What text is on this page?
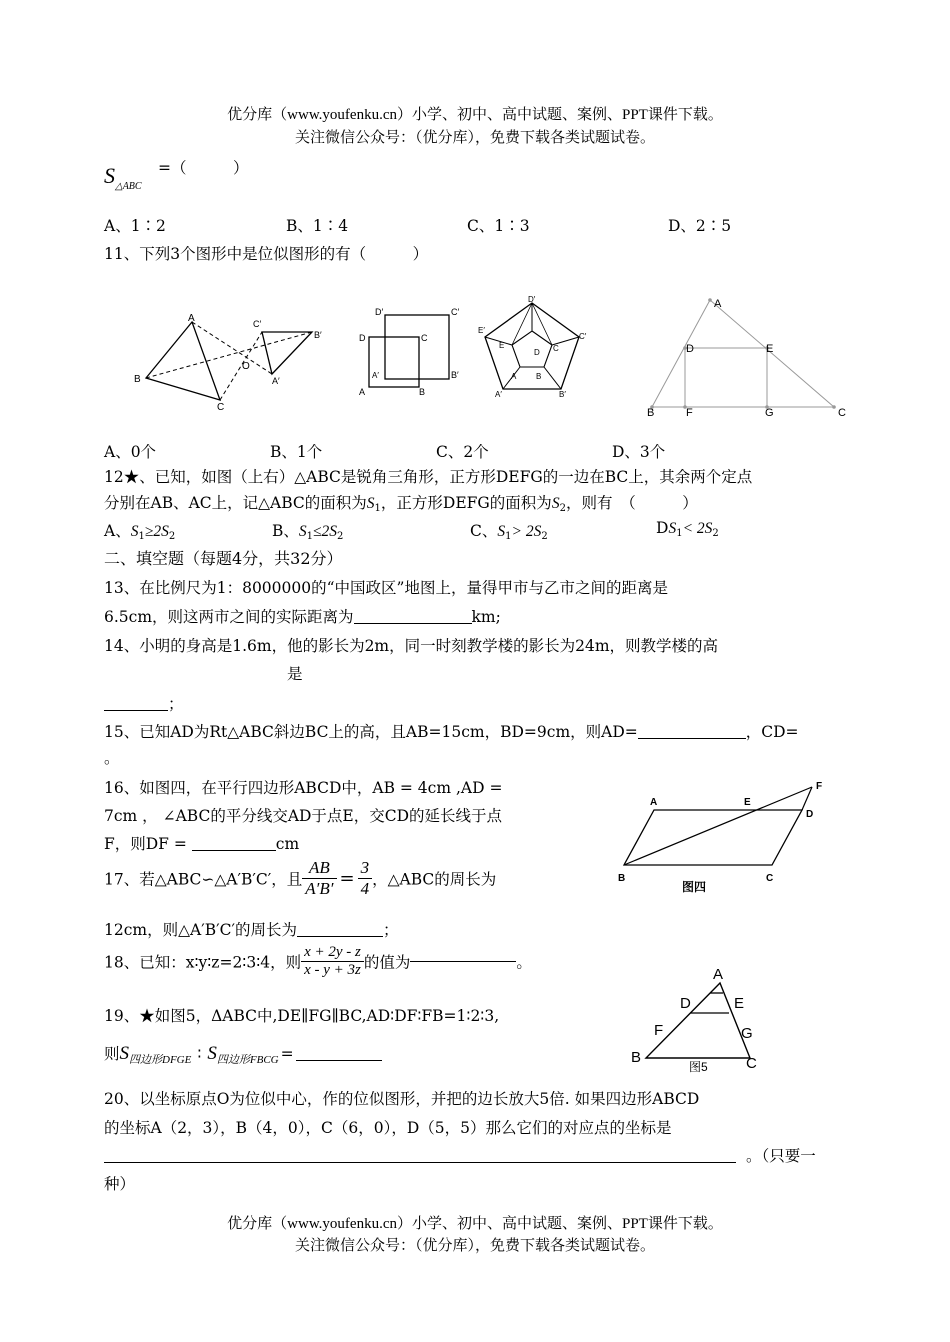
优分库（www.youfenku.cn）小学、初中、高中试题、案例、PPT课件下载。
关注微信公众号：（优分库），免费下载各类试题试卷。
$S_{\triangle ABC}$
=（　　　）
A、1∶2	B、1∶4	C、1∶3	D、2∶5
11、下列3个图形中是位似图形的有（　　　）
A
B
C
C′
B′
A′
O
D′	C′
D	C
A′	B′
A	B
D′
E′
C′
E
D C
A B
A′	B′
A
D	E
B	F	G	C
A、0个	B、1个	C、2个	D、3个
12★、已知，如图（上右）△ABC是锐角三角形，正方形DEFG的一边在BC上，其余两个定点
分别在AB、AC上，记△ABC的面积为$S_1$，正方形DEFG的面积为$S_2$，则有　（　　　）
A、$S_1\ge 2S_2$	B、$S_1\le 2S_2$	C、$S_1> 2S_2$	$DS_1< 2S_2$
二、填空题（每题4分，共32分）
13、在比例尺为1：8000000的“中国政区”地图上，量得甲市与乙市之间的距离是
6.5cm，则这两市之间的实际距离为	km;
14、小明的身高是1.6m，他的影长为2m，同一时刻教学楼的影长为24m，则教学楼的高
是
；
15、已知AD为Rt△ABC斜边BC上的高，且AB=15cm，BD=9cm，则AD=	，CD=
。
16、如图四，在平行四边形ABCD中，AB = 4cm ,AD =
7cm ， ∠ABC的平分线交AD于点E，交CD的延长线于点
F，则DF =	cm
A	E
F
D
B	C
图四
17、若△ABC∽△A′B′C′，且 $\frac{AB}{A'B'} = \frac{3}{4}$ ，△ABC的周长为
12cm，则△A′B′C′的周长为	；
18、已知：x∶y∶z=2∶3∶4，则 $\frac{x + 2y - z}{x - y + 3z}$ 的值为	。
19、★如图5，ΔABC中,DE∥FG∥BC,AD∶DF∶FB=1∶2∶3,
则$S_{四边形DFGE}$ ∶ $S_{四边形FBCG}$ =
A
D	E
F	G
B	C
图5
20、以坐标原点O为位似中心，作的位似图形，并把的边长放大5倍. 如果四边形ABCD
的坐标A（2，3），B（4，0），C（6，0），D（5，5）那么它们的对应点的坐标是
。（只要一
种）
优分库（www.youfenku.cn）小学、初中、高中试题、案例、PPT课件下载。
关注微信公众号：（优分库），免费下载各类试题试卷。
